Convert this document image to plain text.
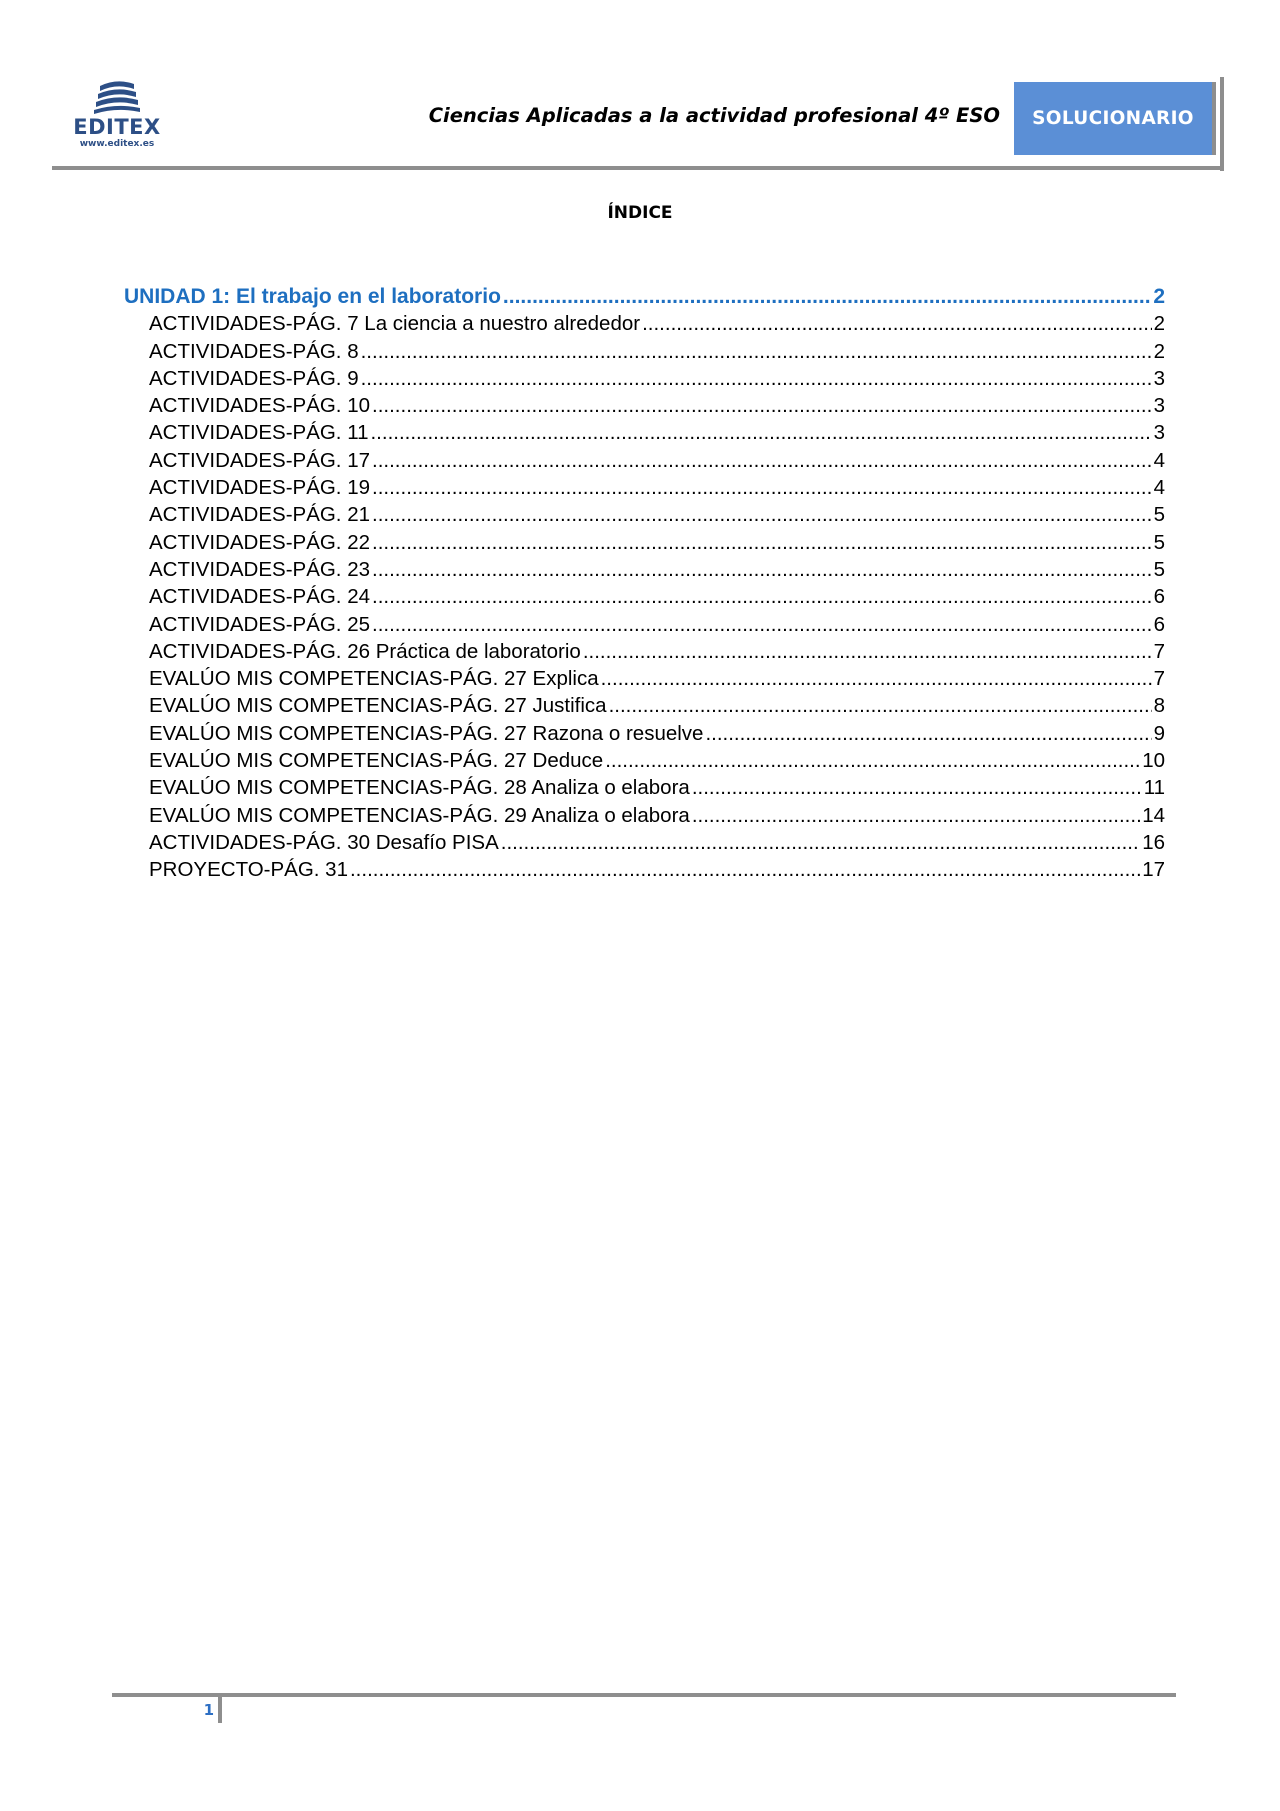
EDITEX
www.editex.es
Ciencias Aplicadas a la actividad profesional 4º ESO	SOLUCIONARIO
ÍNDICE
UNIDAD 1: El trabajo en el laboratorio .....	2
ACTIVIDADES-PÁG. 7 La ciencia a nuestro alrededor .....	2
ACTIVIDADES-PÁG. 8 .....	2
ACTIVIDADES-PÁG. 9 .....	3
ACTIVIDADES-PÁG. 10 .....	3
ACTIVIDADES-PÁG. 11 .....	3
ACTIVIDADES-PÁG. 17 .....	4
ACTIVIDADES-PÁG. 19 .....	4
ACTIVIDADES-PÁG. 21 .....	5
ACTIVIDADES-PÁG. 22 .....	5
ACTIVIDADES-PÁG. 23 .....	5
ACTIVIDADES-PÁG. 24 .....	6
ACTIVIDADES-PÁG. 25 .....	6
ACTIVIDADES-PÁG. 26 Práctica de laboratorio .....	7
EVALÚO MIS COMPETENCIAS-PÁG. 27 Explica .....	7
EVALÚO MIS COMPETENCIAS-PÁG. 27 Justifica .....	8
EVALÚO MIS COMPETENCIAS-PÁG. 27 Razona o resuelve .....	9
EVALÚO MIS COMPETENCIAS-PÁG. 27 Deduce .....	10
EVALÚO MIS COMPETENCIAS-PÁG. 28 Analiza o elabora .....	11
EVALÚO MIS COMPETENCIAS-PÁG. 29 Analiza o elabora .....	14
ACTIVIDADES-PÁG. 30 Desafío PISA .....	16
PROYECTO-PÁG. 31 .....	17
1
